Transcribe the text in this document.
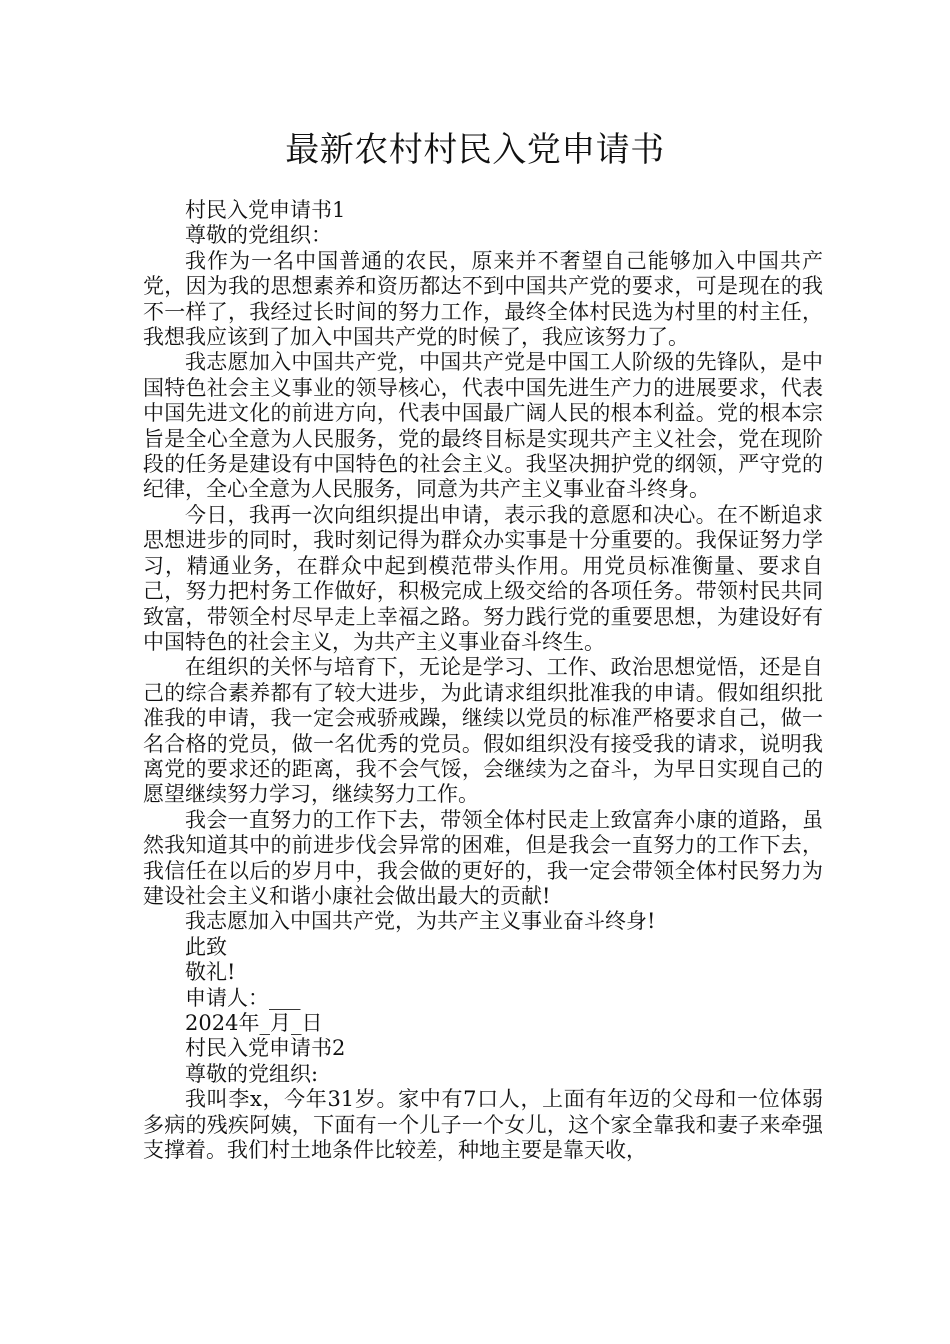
最新农村村民入党申请书

村民入党申请书1

尊敬的党组织：

我作为一名中国普通的农民，原来并不奢望自己能够加入中国共产党，因为我的思想素养和资历都达不到中国共产党的要求，可是现在的我不一样了，我经过长时间的努力工作，最终全体村民选为村里的村主任，我想我应该到了加入中国共产党的时候了，我应该努力了。

我志愿加入中国共产党，中国共产党是中国工人阶级的先锋队，是中国特色社会主义事业的领导核心，代表中国先进生产力的进展要求，代表中国先进文化的前进方向，代表中国最广阔人民的根本利益。党的根本宗旨是全心全意为人民服务，党的最终目标是实现共产主义社会，党在现阶段的任务是建设有中国特色的社会主义。我坚决拥护党的纲领，严守党的纪律，全心全意为人民服务，同意为共产主义事业奋斗终身。

今日，我再一次向组织提出申请，表示我的意愿和决心。在不断追求思想进步的同时，我时刻记得为群众办实事是十分重要的。我保证努力学习，精通业务，在群众中起到模范带头作用。用党员标准衡量、要求自己，努力把村务工作做好，积极完成上级交给的各项任务。带领村民共同致富，带领全村尽早走上幸福之路。努力践行党的重要思想，为建设好有中国特色的社会主义，为共产主义事业奋斗终生。

在组织的关怀与培育下，无论是学习、工作、政治思想觉悟，还是自己的综合素养都有了较大进步，为此请求组织批准我的申请。假如组织批准我的申请，我一定会戒骄戒躁，继续以党员的标准严格要求自己，做一名合格的党员，做一名优秀的党员。假如组织没有接受我的请求，说明我离党的要求还的距离，我不会气馁，会继续为之奋斗，为早日实现自己的愿望继续努力学习，继续努力工作。

我会一直努力的工作下去，带领全体村民走上致富奔小康的道路，虽然我知道其中的前进步伐会异常的困难，但是我会一直努力的工作下去，我信任在以后的岁月中，我会做的更好的，我一定会带领全体村民努力为建设社会主义和谐小康社会做出最大的贡献!

我志愿加入中国共产党，为共产主义事业奋斗终身!

此致

敬礼!

申请人：___

2024年_月_日

村民入党申请书2

尊敬的党组织:

我叫李x，今年31岁。家中有7口人，上面有年迈的父母和一位体弱多病的残疾阿姨，下面有一个儿子一个女儿，这个家全靠我和妻子来牵强支撑着。我们村土地条件比较差，种地主要是靠天收，
